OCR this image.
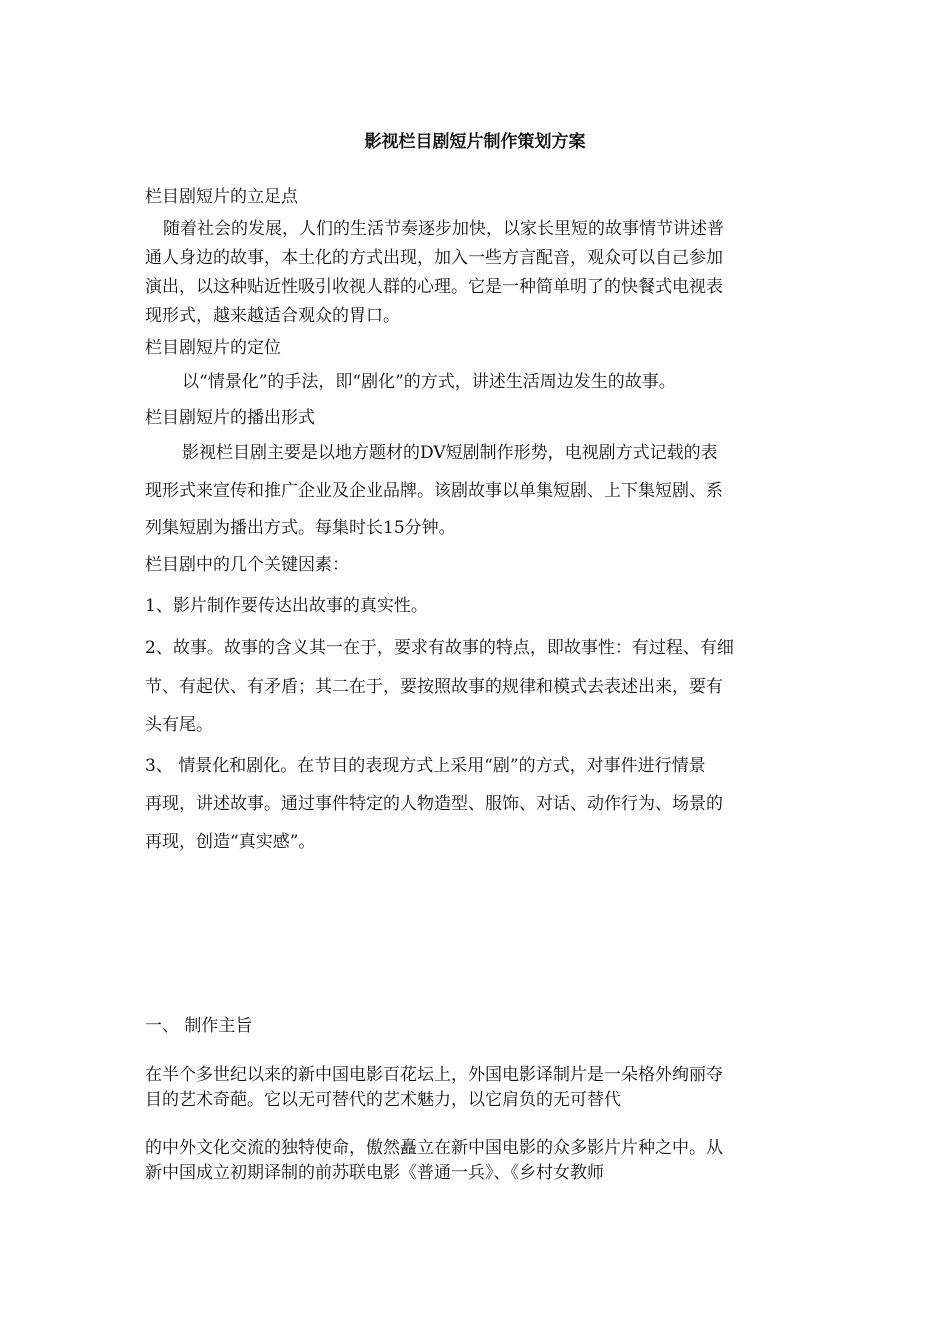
影视栏目剧短片制作策划方案
栏目剧短片的立足点
随着社会的发展，人们的生活节奏逐步加快，以家长里短的故事情节讲述普
通人身边的故事，本土化的方式出现，加入一些方言配音，观众可以自己参加
演出，以这种贴近性吸引收视人群的心理。它是一种简单明了的快餐式电视表
现形式，越来越适合观众的胃口。
栏目剧短片的定位
以“情景化”的手法，即“剧化”的方式，讲述生活周边发生的故事。
栏目剧短片的播出形式
影视栏目剧主要是以地方题材的DV短剧制作形势，电视剧方式记载的表
现形式来宣传和推广企业及企业品牌。该剧故事以单集短剧、上下集短剧、系
列集短剧为播出方式。每集时长15分钟。
栏目剧中的几个关键因素：
1、影片制作要传达出故事的真实性。
2、故事。故事的含义其一在于，要求有故事的特点，即故事性：有过程、有细
节、有起伏、有矛盾；其二在于，要按照故事的规律和模式去表述出来，要有
头有尾。
3、 情景化和剧化。在节目的表现方式上采用“剧”的方式，对事件进行情景
再现，讲述故事。通过事件特定的人物造型、服饰、对话、动作行为、场景的
再现，创造“真实感”。
一、 制作主旨
在半个多世纪以来的新中国电影百花坛上，外国电影译制片是一朵格外绚丽夺
目的艺术奇葩。它以无可替代的艺术魅力，以它肩负的无可替代
的中外文化交流的独特使命，傲然矗立在新中国电影的众多影片片种之中。从
新中国成立初期译制的前苏联电影《普通一兵》、《乡村女教师
